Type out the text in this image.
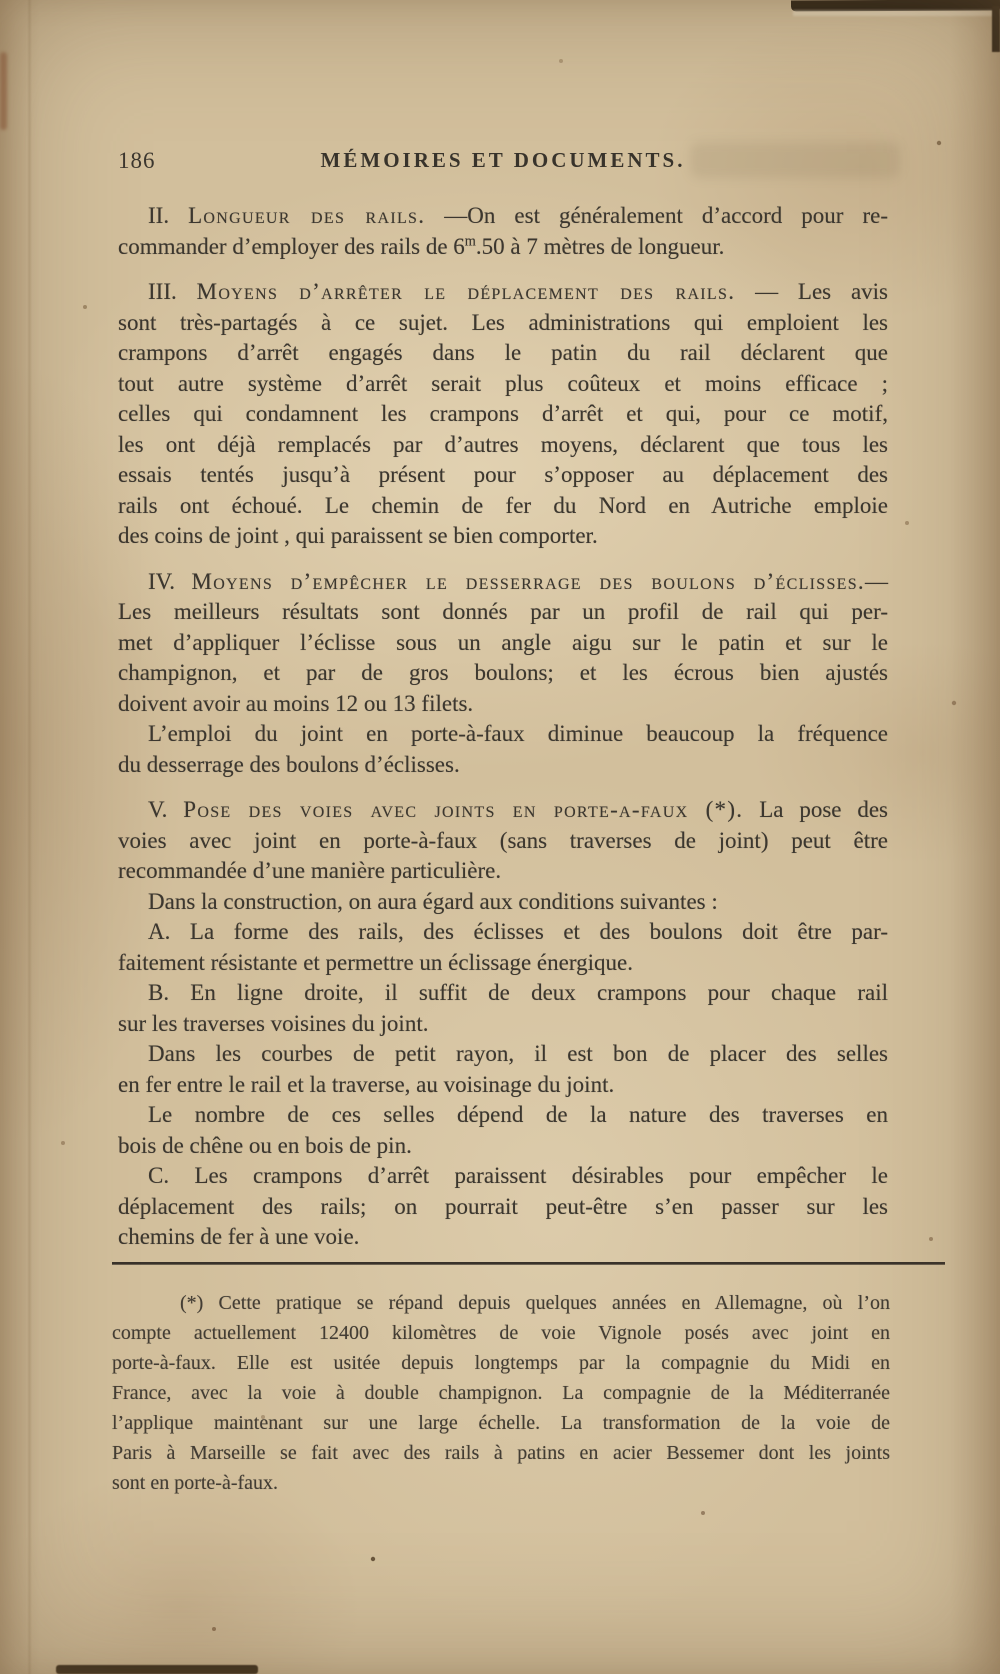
186	MÉMOIRES ET DOCUMENTS.

II. Longueur des rails. —On est généralement d’accord pour re-
commander d’employer des rails de 6$^m$.50 à 7 mètres de longueur.

III. Moyens d’arrêter le déplacement des rails. — Les avis
sont très-partagés à ce sujet. Les administrations qui emploient les
crampons d’arrêt engagés dans le patin du rail déclarent que
tout autre système d’arrêt serait plus coûteux et moins efficace ;
celles qui condamnent les crampons d’arrêt et qui, pour ce motif,
les ont déjà remplacés par d’autres moyens, déclarent que tous les
essais tentés jusqu’à présent pour s’opposer au déplacement des
rails ont échoué. Le chemin de fer du Nord en Autriche emploie
des coins de joint , qui paraissent se bien comporter.

IV. Moyens d’empêcher le desserrage des boulons d’éclisses.—
Les meilleurs résultats sont donnés par un profil de rail qui per-
met d’appliquer l’éclisse sous un angle aigu sur le patin et sur le
champignon, et par de gros boulons; et les écrous bien ajustés
doivent avoir au moins 12 ou 13 filets.

L’emploi du joint en porte-à-faux diminue beaucoup la fréquence
du desserrage des boulons d’éclisses.

V. Pose des voies avec joints en porte-a-faux (*). La pose des
voies avec joint en porte-à-faux (sans traverses de joint) peut être
recommandée d’une manière particulière.

Dans la construction, on aura égard aux conditions suivantes :

A. La forme des rails, des éclisses et des boulons doit être par-
faitement résistante et permettre un éclissage énergique.

B. En ligne droite, il suffit de deux crampons pour chaque rail
sur les traverses voisines du joint.

Dans les courbes de petit rayon, il est bon de placer des selles
en fer entre le rail et la traverse, au voisinage du joint.

Le nombre de ces selles dépend de la nature des traverses en
bois de chêne ou en bois de pin.

C. Les crampons d’arrêt paraissent désirables pour empêcher le
déplacement des rails; on pourrait peut-être s’en passer sur les
chemins de fer à une voie.

(*) Cette pratique se répand depuis quelques années en Allemagne, où l’on
compte actuellement 12400 kilomètres de voie Vignole posés avec joint en
porte-à-faux. Elle est usitée depuis longtemps par la compagnie du Midi en
France, avec la voie à double champignon. La compagnie de la Méditerranée
l’applique maintenant sur une large échelle. La transformation de la voie de
Paris à Marseille se fait avec des rails à patins en acier Bessemer dont les joints
sont en porte-à-faux.
